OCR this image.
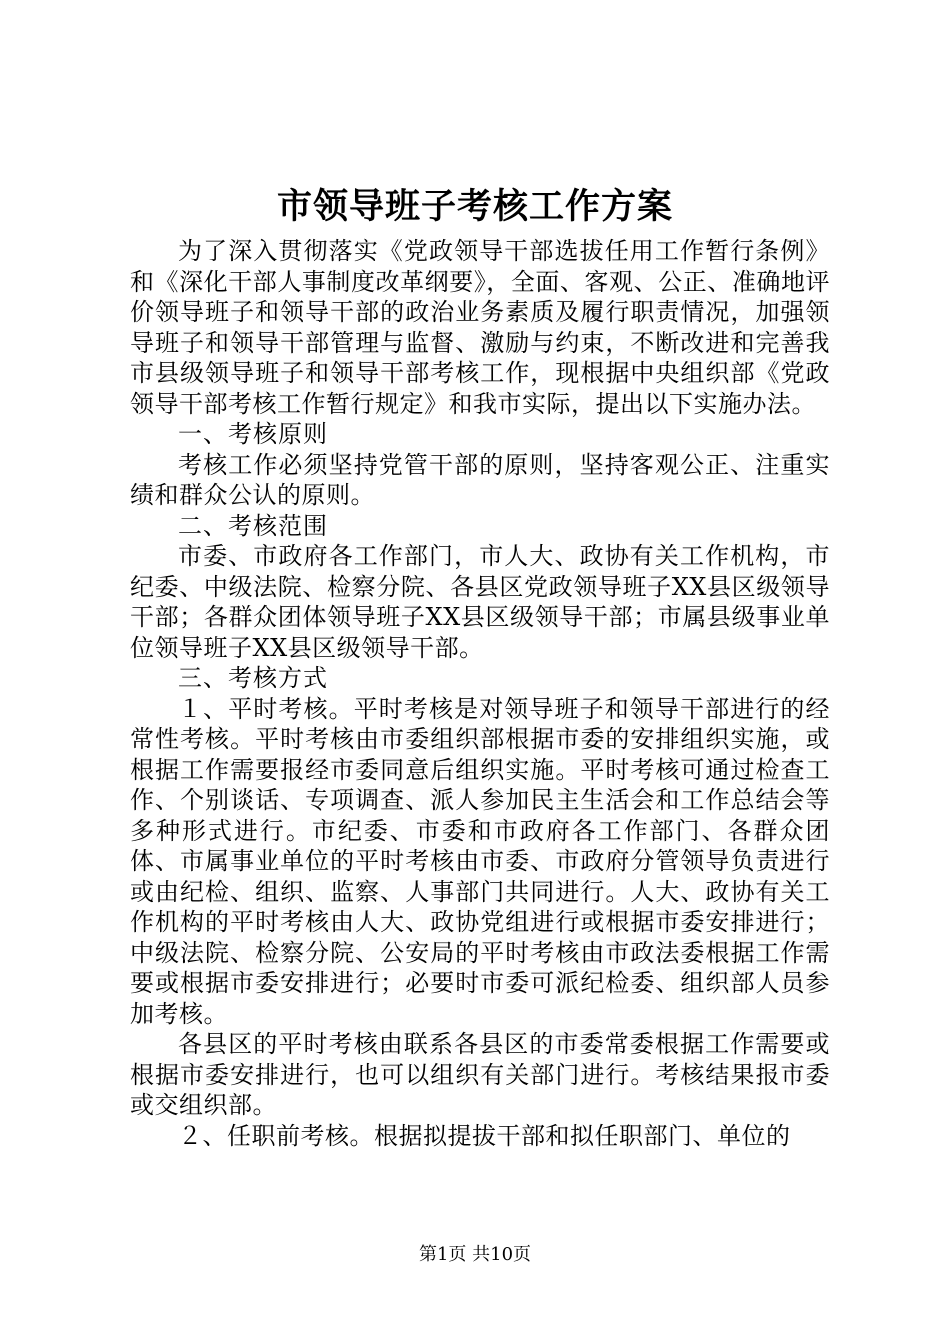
市领导班子考核工作方案

为了深入贯彻落实《党政领导干部选拔任用工作暂行条例》和《深化干部人事制度改革纲要》，全面、客观、公正、准确地评价领导班子和领导干部的政治业务素质及履行职责情况，加强领导班子和领导干部管理与监督、激励与约束，不断改进和完善我市县级领导班子和领导干部考核工作，现根据中央组织部《党政领导干部考核工作暂行规定》和我市实际，提出以下实施办法。

一、考核原则

考核工作必须坚持党管干部的原则，坚持客观公正、注重实绩和群众公认的原则。

二、考核范围

市委、市政府各工作部门，市人大、政协有关工作机构，市纪委、中级法院、检察分院、各县区党政领导班子XX县区级领导干部；各群众团体领导班子XX县区级领导干部；市属县级事业单位领导班子XX县区级领导干部。

三、考核方式

１、平时考核。平时考核是对领导班子和领导干部进行的经常性考核。平时考核由市委组织部根据市委的安排组织实施，或根据工作需要报经市委同意后组织实施。平时考核可通过检查工作、个别谈话、专项调查、派人参加民主生活会和工作总结会等多种形式进行。市纪委、市委和市政府各工作部门、各群众团体、市属事业单位的平时考核由市委、市政府分管领导负责进行或由纪检、组织、监察、人事部门共同进行。人大、政协有关工作机构的平时考核由人大、政协党组进行或根据市委安排进行；中级法院、检察分院、公安局的平时考核由市政法委根据工作需要或根据市委安排进行；必要时市委可派纪检委、组织部人员参加考核。

各县区的平时考核由联系各县区的市委常委根据工作需要或根据市委安排进行，也可以组织有关部门进行。考核结果报市委或交组织部。

２、任职前考核。根据拟提拔干部和拟任职部门、单位的

第1页 共10页
